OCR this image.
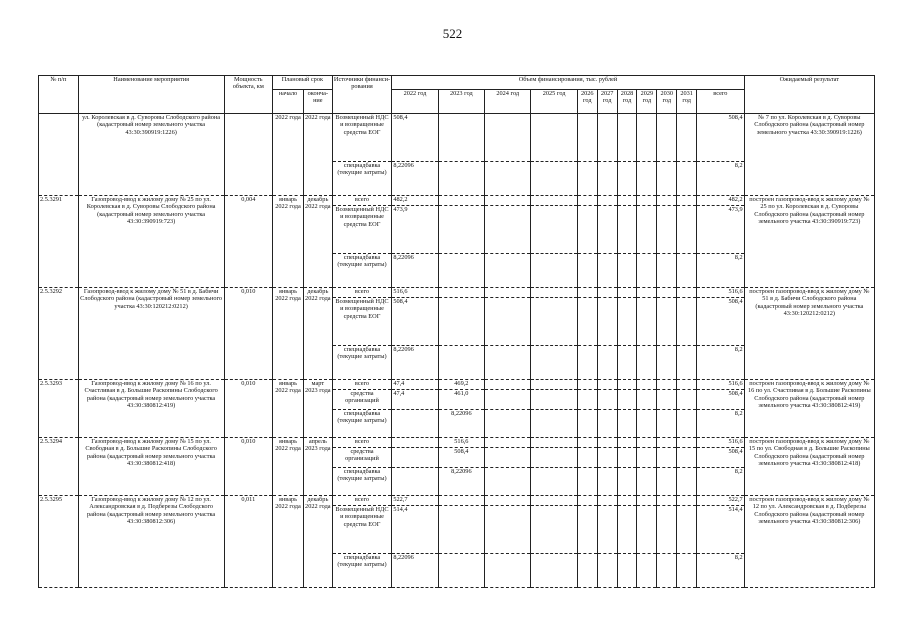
522
№ п/п	Наименование мероприятия	Мощность объекта, км	Плановый срок		Источники финанси- рования	Объем финансирования, тыс. рублей											Ожидаемый результат
			начало	оконча- ние		2022 год	2023 год	2024 год	2025 год	2026 год	2027 год	2028 год	2029 год	2030 год	2031 год	всего	
	ул. Королевская в д. Суворовы Слободского района (кадастровый номер земельного участка 43:30:390919:1226)		2022 года	2022 года	Возмещенный НДС и возвращенные средства ЕОГ	508,4										508,4	№ 7 по ул. Королевская в д. Суворовы Слободского района (кадастровый номер земельного участка 43:30:390919:1226)
					спецнадбавка (текущие затраты)	8,22096										8,2	
2.5.3291	Газопровод-ввод к жилому дому № 25 по ул. Королевская в д. Суворовы Слободского района (кадастровый номер земельного участка 43:30:390919:723)	0,004	январь 2022 года	декабрь 2022 года	всего	482,2										482,2	построен газопровод-ввод к жилому дому № 25 по ул. Королевская в д. Суворовы Слободского района (кадастровый номер земельного участка 43:30:390919:723)
					Возмещенный НДС и возвращенные средства ЕОГ	473,9										473,9	
					спецнадбавка (текущие затраты)	8,22096										8,2	
2.5.3292	Газопровод-ввод к жилому дому № 51 в д. Бабичи Слободского района (кадастровый номер земельного участка 43:30:120212:0212)	0,010	январь 2022 года	декабрь 2022 года	всего	516,6										516,6	построен газопровод-ввод к жилому дому № 51 в д. Бабичи Слободского района (кадастровый номер земельного участка 43:30:120212:0212)
					Возмещенный НДС и возвращенные средства ЕОГ	508,4										508,4	
					спецнадбавка (текущие затраты)	8,22096										8,2	
2.5.3293	Газопровод-ввод к жилому дому № 16 по ул. Счастливая в д. Большие Раскопины Слободского района (кадастровый номер земельного участка 43:30:380812:419)	0,010	январь 2022 года	март 2023 года	всего	47,4	469,2									516,6	построен газопровод-ввод к жилому дому № 16 по ул. Счастливая в д. Большие Раскопины Слободского района (кадастровый номер земельного участка 43:30:380812:419)
					средства организаций	47,4	461,0									508,4	
					спецнадбавка (текущие затраты)		8,22096									8,2	
2.5.3294	Газопровод-ввод к жилому дому № 15 по ул. Свободная в д. Большие Раскопины Слободского района (кадастровый номер земельного участка 43:30:380812:418)	0,010	январь 2022 года	апрель 2023 года	всего		516,6									516,6	построен газопровод-ввод к жилому дому № 15 по ул. Свободная в д. Большие Раскопины Слободского района (кадастровый номер земельного участка 43:30:380812:418)
					средства организаций		508,4									508,4	
					спецнадбавка (текущие затраты)		8,22096									8,2	
2.5.3295	Газопровод-ввод к жилому дому № 12 по ул. Александровская в д. Подберезы Слободского района (кадастровый номер земельного участка 43:30:380812:306)	0,011	январь 2022 года	декабрь 2022 года	всего	522,7										522,7	построен газопровод-ввод к жилому дому № 12 по ул. Александровская в д. Подберезы Слободского района (кадастровый номер земельного участка 43:30:380812:306)
					Возмещенный НДС и возвращенные средства ЕОГ	514,4										514,4	
					спецнадбавка (текущие затраты)	8,22096										8,2	
